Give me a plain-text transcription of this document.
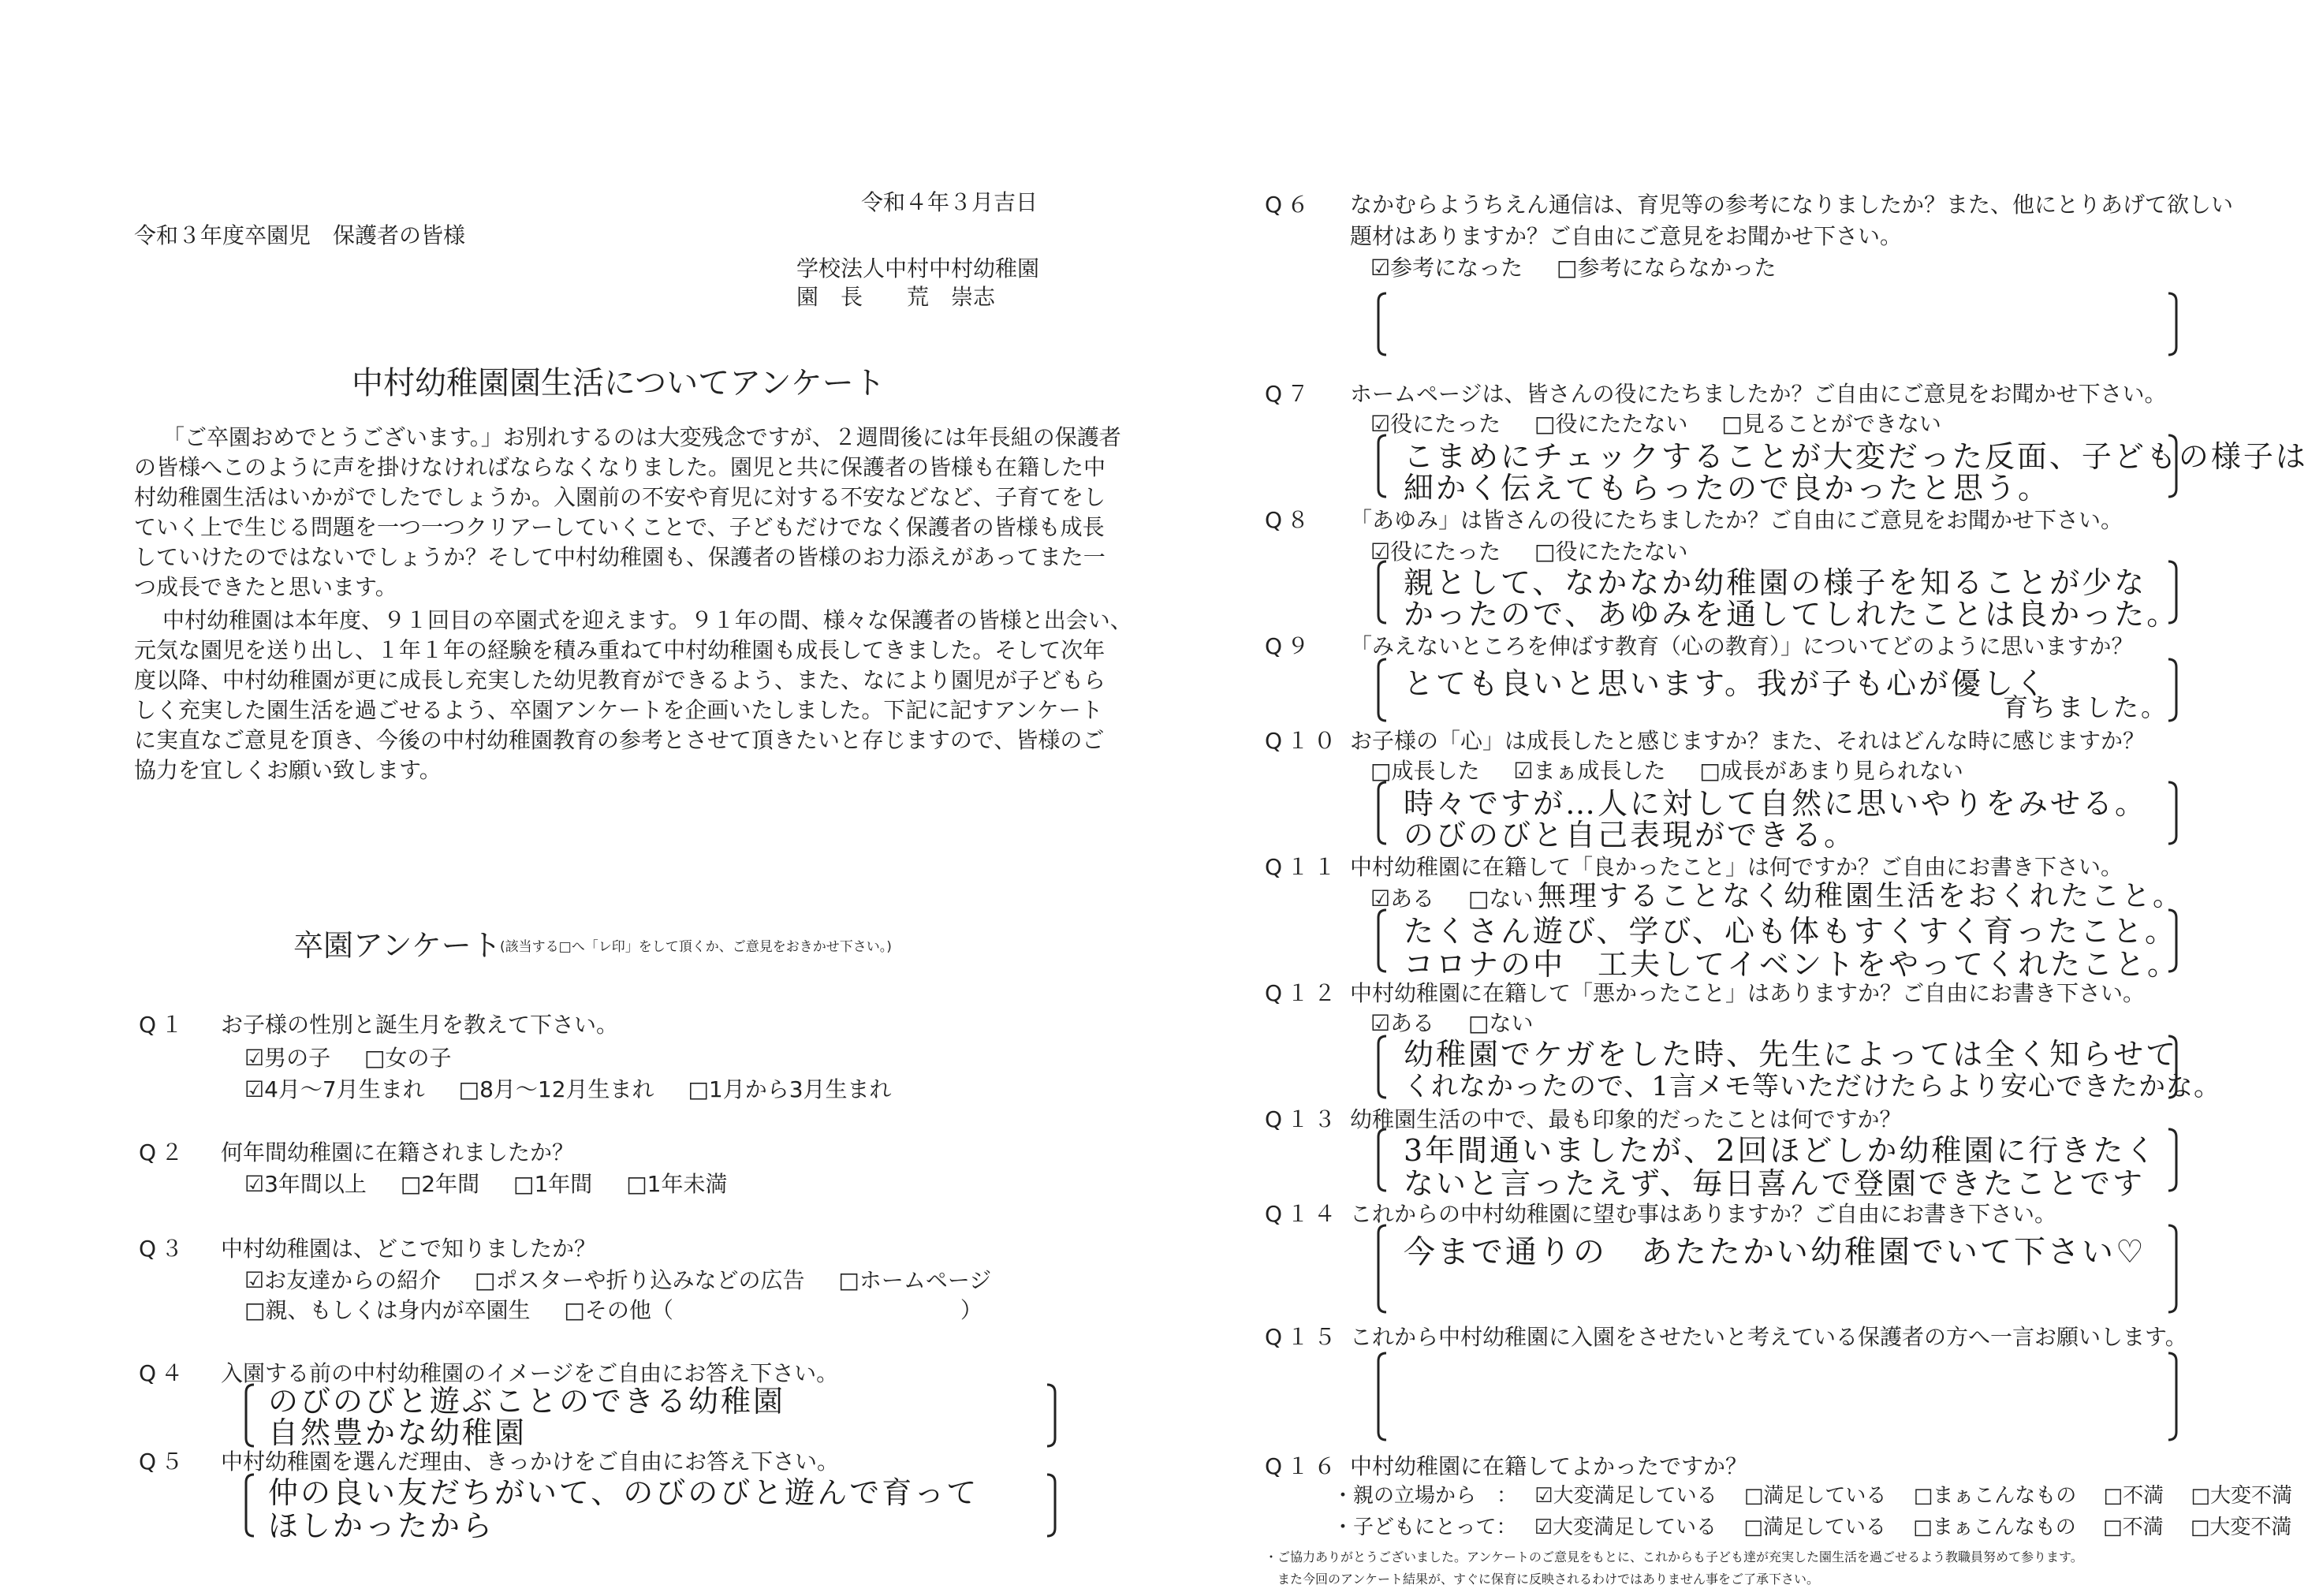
令和４年３月吉日
令和３年度卒園児　保護者の皆様
学校法人中村中村幼稚園
園　長　　荒　崇志
中村幼稚園園生活についてアンケート
「ご卒園おめでとうございます。」お別れするのは大変残念ですが、２週間後には年長組の保護者
の皆様へこのように声を掛けなければならなくなりました。園児と共に保護者の皆様も在籍した中
村幼稚園生活はいかがでしたでしょうか。入園前の不安や育児に対する不安などなど、子育てをし
ていく上で生じる問題を一つ一つクリアーしていくことで、子どもだけでなく保護者の皆様も成長
していけたのではないでしょうか？そして中村幼稚園も、保護者の皆様のお力添えがあってまた一
つ成長できたと思います。
中村幼稚園は本年度、９１回目の卒園式を迎えます。９１年の間、様々な保護者の皆様と出会い、
元気な園児を送り出し、１年１年の経験を積み重ねて中村幼稚園も成長してきました。そして次年
度以降、中村幼稚園が更に成長し充実した幼児教育ができるよう、また、なにより園児が子どもら
しく充実した園生活を過ごせるよう、卒園アンケートを企画いたしました。下記に記すアンケート
に実直なご意見を頂き、今後の中村幼稚園教育の参考とさせて頂きたいと存じますので、皆様のご
協力を宜しくお願い致します。
卒園アンケート
(該当する□へ「レ印」をして頂くか、ご意見をおきかせ下さい。)
Q１ お子様の性別と誕生月を教えて下さい。
☑男の子 □女の子
☑4月〜7月生まれ □8月〜12月生まれ □1月から3月生まれ
Q２ 何年間幼稚園に在籍されましたか？
☑3年間以上 □2年間 □1年間 □1年未満
Q３ 中村幼稚園は、どこで知りましたか？
☑お友達からの紹介 □ポスターや折り込みなどの広告 □ホームページ
□親、もしくは身内が卒園生 □その他（　　　　　　　　　　　　　）
Q４ 入園する前の中村幼稚園のイメージをご自由にお答え下さい。
のびのびと遊ぶことのできる幼稚園
自然豊かな幼稚園
Q５ 中村幼稚園を選んだ理由、きっかけをご自由にお答え下さい。
仲の良い友だちがいて、のびのびと遊んで育って
ほしかったから
Q６ なかむらようちえん通信は、育児等の参考になりましたか？また、他にとりあげて欲しい
題材はありますか？ご自由にご意見をお聞かせ下さい。
☑参考になった □参考にならなかった
Q７ ホームページは、皆さんの役にたちましたか？ご自由にご意見をお聞かせ下さい。
☑役にたった □役にたたない □見ることができない
こまめにチェックすることが大変だった反面、子どもの様子は
細かく伝えてもらったので良かったと思う。
Q８ 「あゆみ」は皆さんの役にたちましたか？ご自由にご意見をお聞かせ下さい。
☑役にたった □役にたたない
親として、なかなか幼稚園の様子を知ることが少な
かったので、あゆみを通してしれたことは良かった。
Q９ 「みえないところを伸ばす教育（心の教育）」についてどのように思いますか？
とても良いと思います。我が子も心が優しく
育ちました。
Q１０ お子様の「心」は成長したと感じますか？また、それはどんな時に感じますか？
□成長した ☑まぁ成長した □成長があまり見られない
時々ですが…人に対して自然に思いやりをみせる。
のびのびと自己表現ができる。
Q１１ 中村幼稚園に在籍して「良かったこと」は何ですか？ご自由にお書き下さい。
☑ある □ない 無理することなく幼稚園生活をおくれたこと。
たくさん遊び、学び、心も体もすくすく育ったこと。
コロナの中　工夫してイベントをやってくれたこと。
Q１２ 中村幼稚園に在籍して「悪かったこと」はありますか？ご自由にお書き下さい。
☑ある □ない
幼稚園でケガをした時、先生によっては全く知らせて
くれなかったので、1言メモ等いただけたらより安心できたかな。
Q１３ 幼稚園生活の中で、最も印象的だったことは何ですか？
3年間通いましたが、2回ほどしか幼稚園に行きたく
ないと言ったえず、毎日喜んで登園できたことです
Q１４ これからの中村幼稚園に望む事はありますか？ご自由にお書き下さい。
今まで通りの　あたたかい幼稚園でいて下さい♡
Q１５ これから中村幼稚園に入園をさせたいと考えている保護者の方へ一言お願いします。
Q１６ 中村幼稚園に在籍してよかったですか？
・親の立場から　： ☑大変満足している □満足している □まぁこんなもの □不満 □大変不満
・子どもにとって： ☑大変満足している □満足している □まぁこんなもの □不満 □大変不満
・ご協力ありがとうございました。アンケートのご意見をもとに、これからも子ども達が充実した園生活を過ごせるよう教職員努めて参ります。
また今回のアンケート結果が、すぐに保育に反映されるわけではありません事をご了承下さい。
